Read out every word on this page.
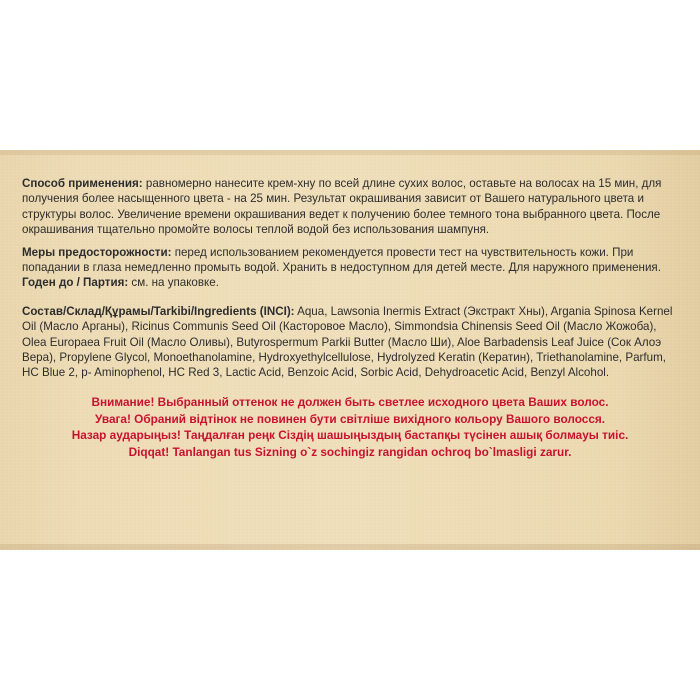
Способ применения: равномерно нанесите крем-хну по всей длине сухих волос, оставьте на волосах на 15 мин, для получения более насыщенного цвета - на 25 мин. Результат окрашивания зависит от Вашего натурального цвета и структуры волос. Увеличение времени окрашивания ведет к получению более темного тона выбранного цвета. После окрашивания тщательно промойте волосы теплой водой без использования шампуня.
Меры предосторожности: перед использованием рекомендуется провести тест на чувствительность кожи. При попадании в глаза немедленно промыть водой. Хранить в недоступном для детей месте. Для наружного применения. Годен до / Партия: см. на упаковке.
Состав/Склад/Құрамы/Tarkibi/Ingredients (INCI): Aqua, Lawsonia Inermis Extract (Экстракт Хны), Argania Spinosa Kernel Oil (Масло Арганы), Ricinus Communis Seed Oil (Касторовое Масло), Simmondsia Chinensis Seed Oil (Масло Жожоба), Olea Europaea Fruit Oil (Масло Оливы), Butyrospermum Parkii Butter (Масло Ши), Aloe Barbadensis Leaf Juice (Сок Алоэ Вера), Propylene Glycol, Monoethanolamine, Hydroxyethylcellulose, Hydrolyzed Keratin (Кератин), Triethanolamine, Parfum, HC Blue 2, p- Aminophenol, HC Red 3, Lactic Acid, Benzoic Acid, Sorbic Acid, Dehydroacetic Acid, Benzyl Alcohol.
Внимание! Выбранный оттенок не должен быть светлее исходного цвета Ваших волос.
Увага! Обраний відтінок не повинен бути світліше вихідного кольору Вашого волосся.
Назар аударыңыз! Таңдалған реңк Сіздің шашыңыздың бастапқы түсінен ашық болмауы тиіс.
Diqqat! Tanlangan tus Sizning o`z sochingiz rangidan ochroq bo`lmasligi zarur.
